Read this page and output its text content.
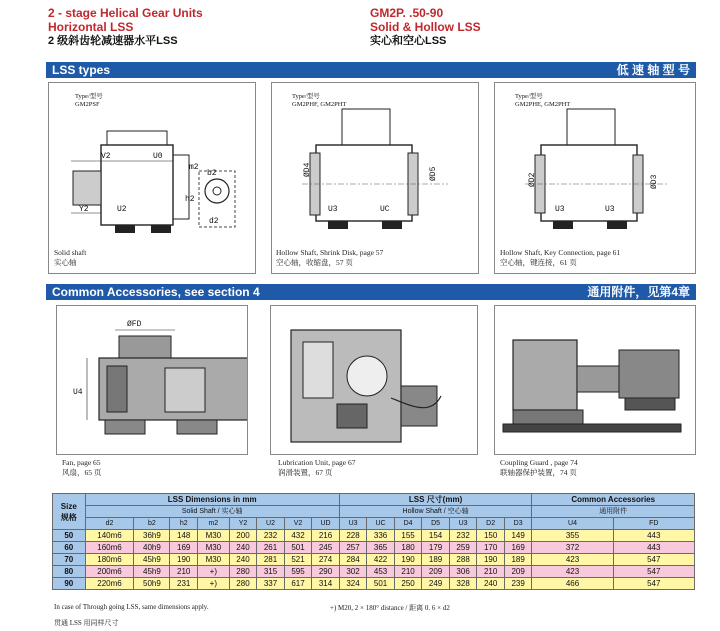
2 - stage Helical Gear Units
Horizontal LSS
2 级斜齿轮减速器水平LSS
GM2P. .50-90
Solid & Hollow LSS
实心和空心LSS
LSS types	低 速 轴 型 号
Type/型号
GM2PSF
V2	U0
m2
b2
h2
Y2	U2
d2
Solid shaft
实心轴
Type/型号
GM2PHF, GM2PHT
ØD4	ØD5
U3	UC
Hollow Shaft, Shrink Disk, page 57
空心轴，收缩盘，57 页
Type/型号
GM2PHE, GM2PHT
ØD2	ØD3
U3	U3
Hollow Shaft, Key Connection, page 61
空心轴，键连接，61 页
Common Accessories, see section 4	通用附件，见第4章
ØFD
U4
Fan, page 65
风扇，65 页
Lubrication Unit, page 67
润滑装置，67 页
Coupling Guard , page 74
联轴器保护装置，74 页
Size
规格	LSS Dimensions in mm								LSS 尺寸(mm)							Common Accessories	
	Solid Shaft / 实心轴								Hollow Shaft / 空心轴							通用附件	
	d2	b2	h2	m2	Y2	U2	V2	UD	U3	UC	D4	D5	U3	D2	D3	U4	FD
50	140m6	36h9	148	M30	200	232	432	216	228	336	155	154	232	150	149	355	443
60	160m6	40h9	169	M30	240	261	501	245	257	365	180	179	259	170	169	372	443
70	180m6	45h9	190	M30	240	281	521	274	284	422	190	189	288	190	189	423	547
80	200m6	45h9	210	+)	280	315	595	290	302	453	210	209	306	210	209	423	547
90	220m6	50h9	231	+)	280	337	617	314	324	501	250	249	328	240	239	466	547
In case of Through going LSS, same dimensions apply.
贯通 LSS 用同样尺寸
+) M20, 2 × 180° distance / 距离 0. 6 × d2
